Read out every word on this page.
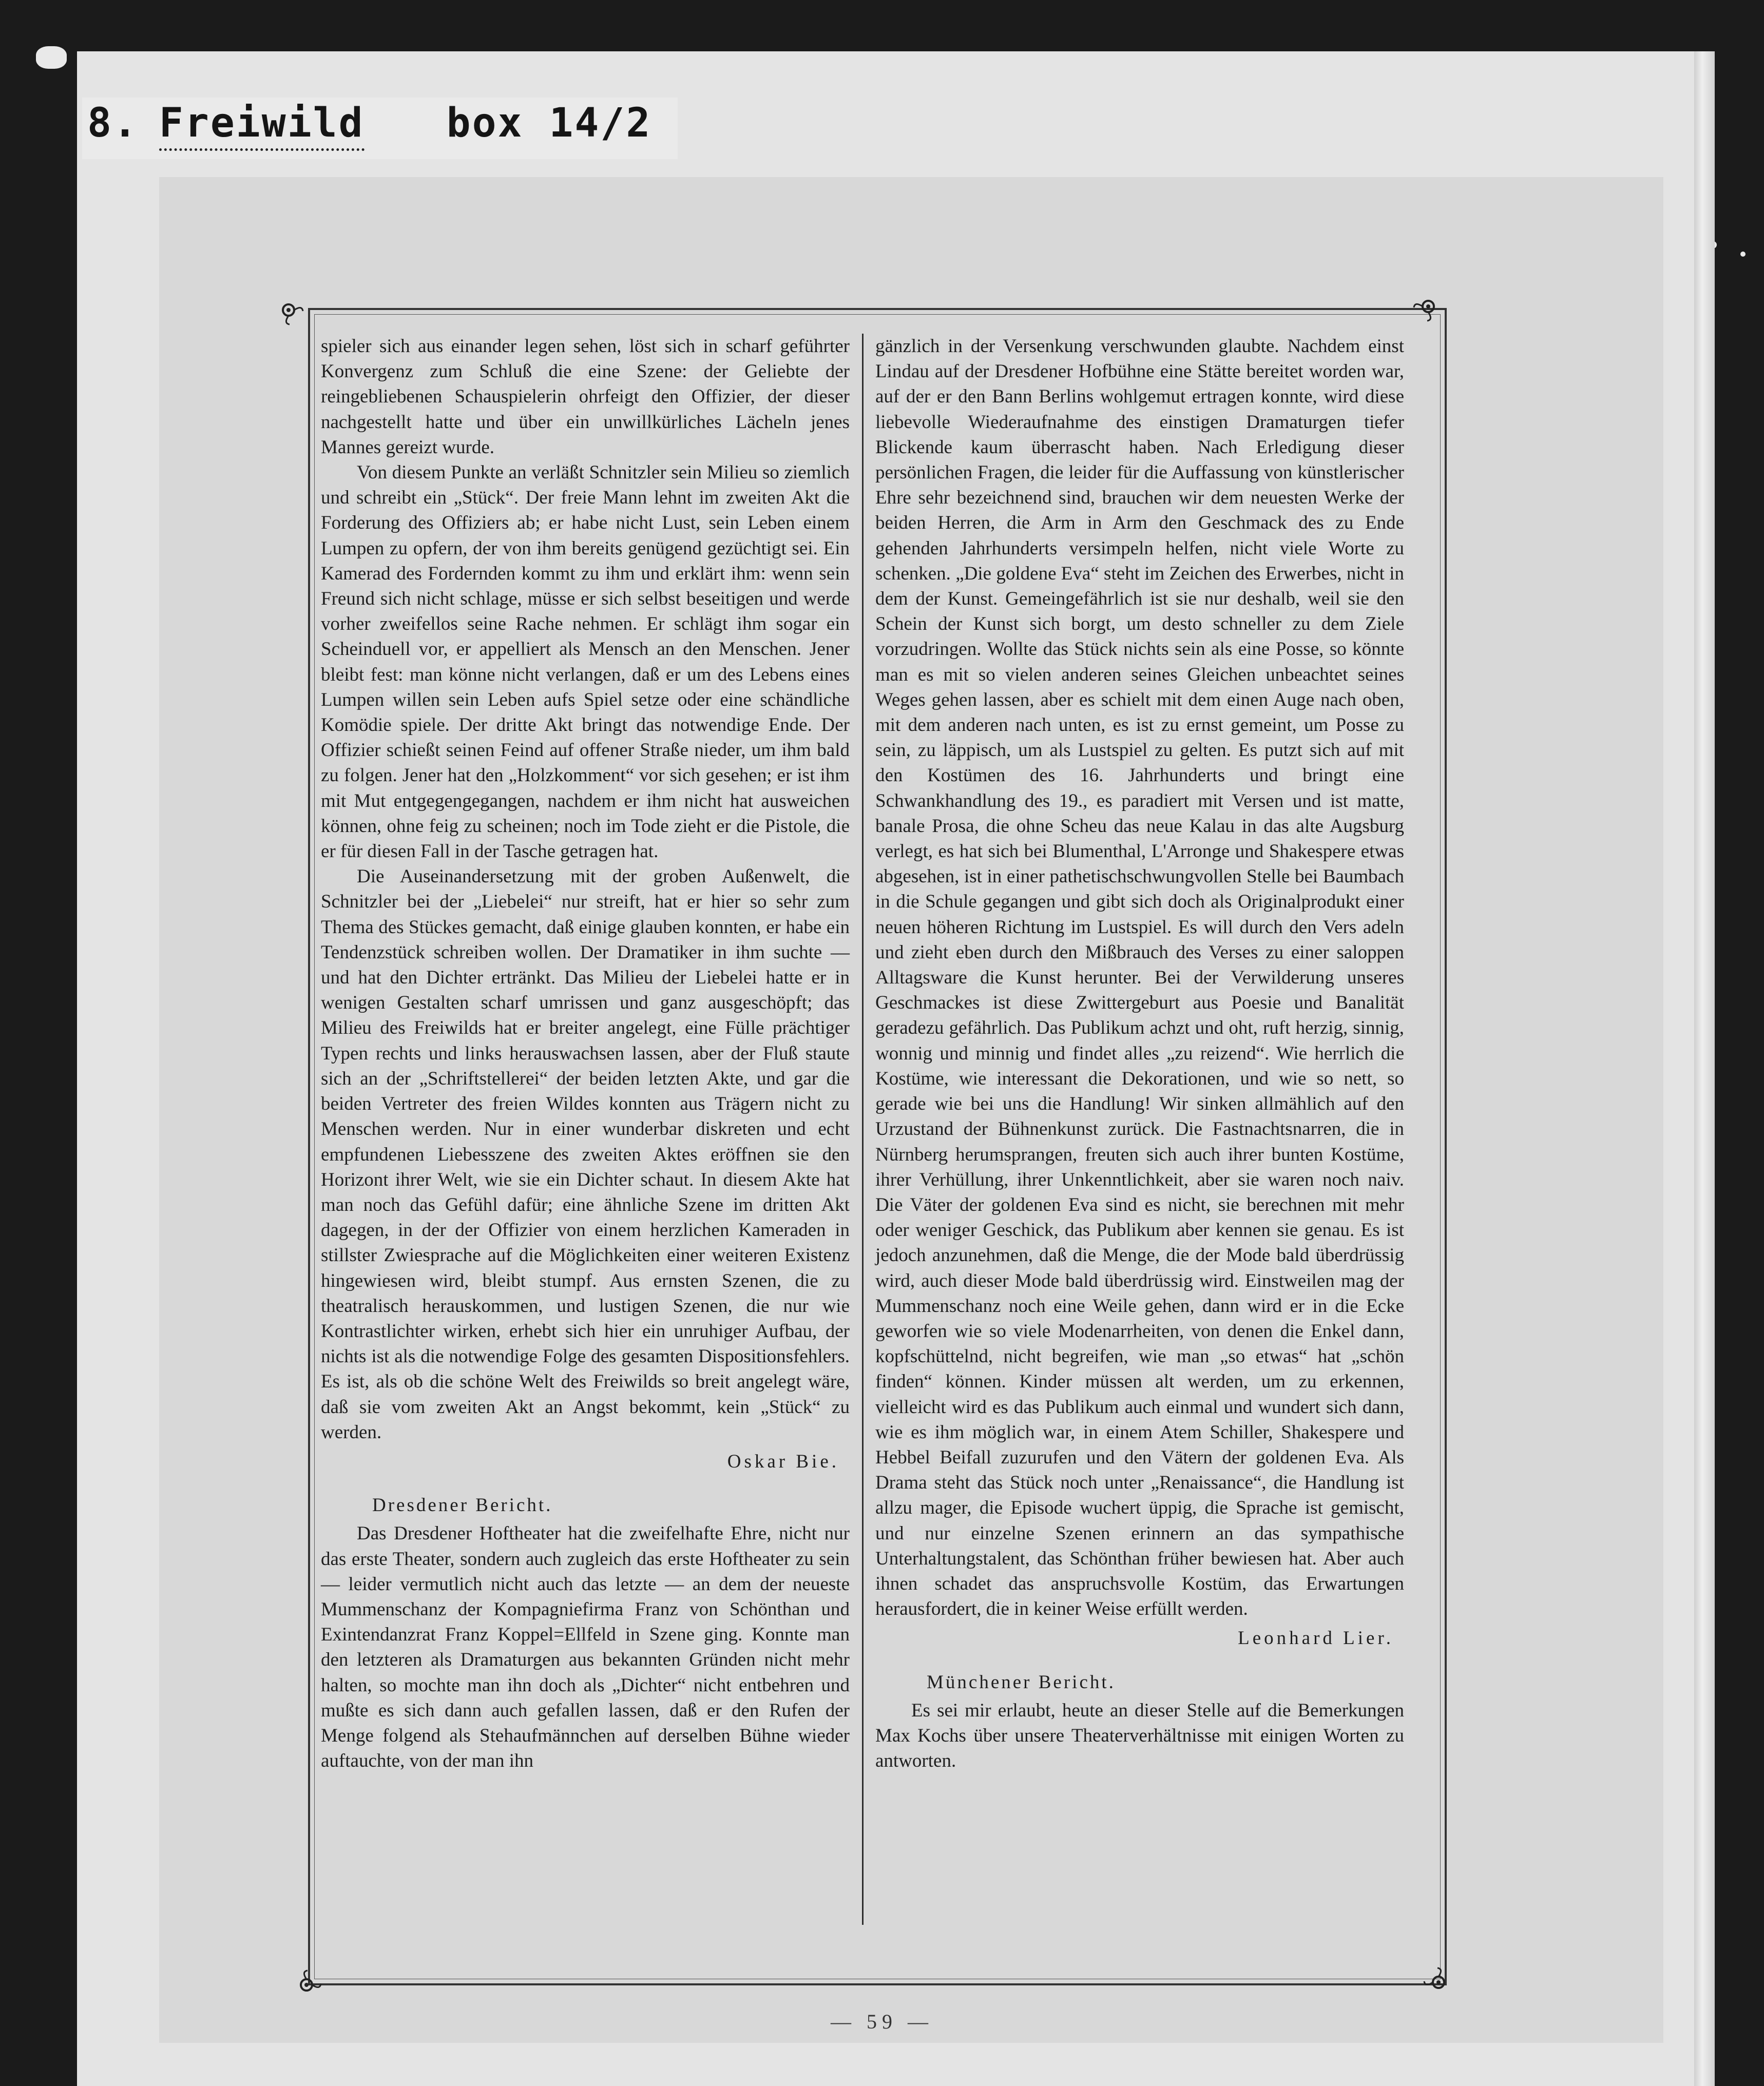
8. Freiwild box 14/2

spieler sich aus einander legen sehen, löst sich in scharf geführter Konvergenz zum Schluß die eine Szene: der Geliebte der reingebliebenen Schauspielerin ohrfeigt den Offizier, der dieser nachgestellt hatte und über ein unwillkürliches Lächeln jenes Mannes gereizt wurde.

Von diesem Punkte an verläßt Schnitzler sein Milieu so ziemlich und schreibt ein „Stück“. Der freie Mann lehnt im zweiten Akt die Forderung des Offiziers ab; er habe nicht Lust, sein Leben einem Lumpen zu opfern, der von ihm bereits genügend gezüchtigt sei. Ein Kamerad des Fordernden kommt zu ihm und erklärt ihm: wenn sein Freund sich nicht schlage, müsse er sich selbst beseitigen und werde vorher zweifellos seine Rache nehmen. Er schlägt ihm sogar ein Scheinduell vor, er appelliert als Mensch an den Menschen. Jener bleibt fest: man könne nicht verlangen, daß er um des Lebens eines Lumpen willen sein Leben aufs Spiel setze oder eine schändliche Komödie spiele. Der dritte Akt bringt das notwendige Ende. Der Offizier schießt seinen Feind auf offener Straße nieder, um ihm bald zu folgen. Jener hat den „Holzkomment“ vor sich gesehen; er ist ihm mit Mut entgegengegangen, nachdem er ihm nicht hat ausweichen können, ohne feig zu scheinen; noch im Tode zieht er die Pistole, die er für diesen Fall in der Tasche getragen hat.

Die Auseinandersetzung mit der groben Außenwelt, die Schnitzler bei der „Liebelei“ nur streift, hat er hier so sehr zum Thema des Stückes gemacht, daß einige glauben konnten, er habe ein Tendenzstück schreiben wollen. Der Dramatiker in ihm suchte — und hat den Dichter ertränkt. Das Milieu der Liebelei hatte er in wenigen Gestalten scharf umrissen und ganz ausgeschöpft; das Milieu des Freiwilds hat er breiter angelegt, eine Fülle prächtiger Typen rechts und links herauswachsen lassen, aber der Fluß staute sich an der „Schriftstellerei“ der beiden letzten Akte, und gar die beiden Vertreter des freien Wildes konnten aus Trägern nicht zu Menschen werden. Nur in einer wunderbar diskreten und echt empfundenen Liebesszene des zweiten Aktes eröffnen sie den Horizont ihrer Welt, wie sie ein Dichter schaut. In diesem Akte hat man noch das Gefühl dafür; eine ähnliche Szene im dritten Akt dagegen, in der der Offizier von einem herzlichen Kameraden in stillster Zwiesprache auf die Möglichkeiten einer weiteren Existenz hingewiesen wird, bleibt stumpf. Aus ernsten Szenen, die zu theatralisch herauskommen, und lustigen Szenen, die nur wie Kontrastlichter wirken, erhebt sich hier ein unruhiger Aufbau, der nichts ist als die notwendige Folge des gesamten Dispositionsfehlers. Es ist, als ob die schöne Welt des Freiwilds so breit angelegt wäre, daß sie vom zweiten Akt an Angst bekommt, kein „Stück“ zu werden.

Oskar Bie.

Dresdener Bericht.

Das Dresdener Hoftheater hat die zweifelhafte Ehre, nicht nur das erste Theater, sondern auch zugleich das erste Hoftheater zu sein — leider vermutlich nicht auch das letzte — an dem der neueste Mummenschanz der Kompagniefirma Franz von Schönthan und Exintendanzrat Franz Koppel=Ellfeld in Szene ging. Konnte man den letzteren als Dramaturgen aus bekannten Gründen nicht mehr halten, so mochte man ihn doch als „Dichter“ nicht entbehren und mußte es sich dann auch gefallen lassen, daß er den Rufen der Menge folgend als Stehaufmännchen auf derselben Bühne wieder auftauchte, von der man ihn

gänzlich in der Versenkung verschwunden glaubte. Nachdem einst Lindau auf der Dresdener Hofbühne eine Stätte bereitet worden war, auf der er den Bann Berlins wohlgemut ertragen konnte, wird diese liebevolle Wiederaufnahme des einstigen Dramaturgen tiefer Blickende kaum überrascht haben. Nach Erledigung dieser persönlichen Fragen, die leider für die Auffassung von künstlerischer Ehre sehr bezeichnend sind, brauchen wir dem neuesten Werke der beiden Herren, die Arm in Arm den Geschmack des zu Ende gehenden Jahrhunderts versimpeln helfen, nicht viele Worte zu schenken. „Die goldene Eva“ steht im Zeichen des Erwerbes, nicht in dem der Kunst. Gemeingefährlich ist sie nur deshalb, weil sie den Schein der Kunst sich borgt, um desto schneller zu dem Ziele vorzudringen. Wollte das Stück nichts sein als eine Posse, so könnte man es mit so vielen anderen seines Gleichen unbeachtet seines Weges gehen lassen, aber es schielt mit dem einen Auge nach oben, mit dem anderen nach unten, es ist zu ernst gemeint, um Posse zu sein, zu läppisch, um als Lustspiel zu gelten. Es putzt sich auf mit den Kostümen des 16. Jahrhunderts und bringt eine Schwankhandlung des 19., es paradiert mit Versen und ist matte, banale Prosa, die ohne Scheu das neue Kalau in das alte Augsburg verlegt, es hat sich bei Blumenthal, L'Arronge und Shakespere etwas abgesehen, ist in einer pathetischschwungvollen Stelle bei Baumbach in die Schule gegangen und gibt sich doch als Originalprodukt einer neuen höheren Richtung im Lustspiel. Es will durch den Vers adeln und zieht eben durch den Mißbrauch des Verses zu einer saloppen Alltagsware die Kunst herunter. Bei der Verwilderung unseres Geschmackes ist diese Zwittergeburt aus Poesie und Banalität geradezu gefährlich. Das Publikum achzt und oht, ruft herzig, sinnig, wonnig und minnig und findet alles „zu reizend“. Wie herrlich die Kostüme, wie interessant die Dekorationen, und wie so nett, so gerade wie bei uns die Handlung! Wir sinken allmählich auf den Urzustand der Bühnenkunst zurück. Die Fastnachtsnarren, die in Nürnberg herumsprangen, freuten sich auch ihrer bunten Kostüme, ihrer Verhüllung, ihrer Unkenntlichkeit, aber sie waren noch naiv. Die Väter der goldenen Eva sind es nicht, sie berechnen mit mehr oder weniger Geschick, das Publikum aber kennen sie genau. Es ist jedoch anzunehmen, daß die Menge, die der Mode bald überdrüssig wird, auch dieser Mode bald überdrüssig wird. Einstweilen mag der Mummenschanz noch eine Weile gehen, dann wird er in die Ecke geworfen wie so viele Modenarrheiten, von denen die Enkel dann, kopfschüttelnd, nicht begreifen, wie man „so etwas“ hat „schön finden“ können. Kinder müssen alt werden, um zu erkennen, vielleicht wird es das Publikum auch einmal und wundert sich dann, wie es ihm möglich war, in einem Atem Schiller, Shakespere und Hebbel Beifall zuzurufen und den Vätern der goldenen Eva. Als Drama steht das Stück noch unter „Renaissance“, die Handlung ist allzu mager, die Episode wuchert üppig, die Sprache ist gemischt, und nur einzelne Szenen erinnern an das sympathische Unterhaltungstalent, das Schönthan früher bewiesen hat. Aber auch ihnen schadet das anspruchsvolle Kostüm, das Erwartungen herausfordert, die in keiner Weise erfüllt werden.

Leonhard Lier.

Münchener Bericht.

Es sei mir erlaubt, heute an dieser Stelle auf die Bemerkungen Max Kochs über unsere Theaterverhältnisse mit einigen Worten zu antworten.

— 59 —
